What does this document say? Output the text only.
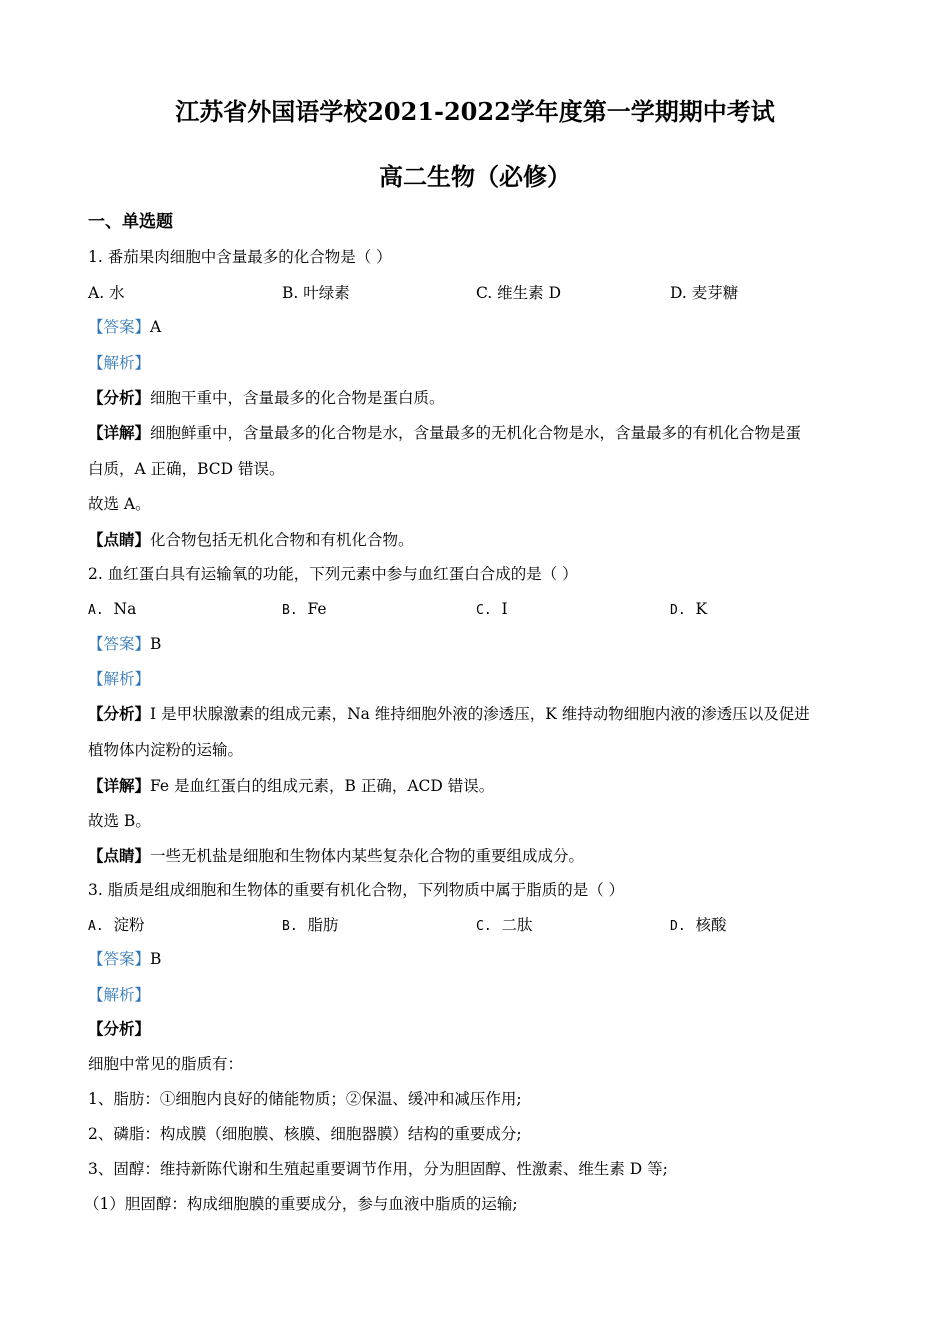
江苏省外国语学校2021-2022学年度第一学期期中考试
高二生物（必修）
一、单选题
1. 番茄果肉细胞中含量最多的化合物是（ ）
A. 水	B. 叶绿素	C. 维生素 D	D. 麦芽糖
【答案】A
【解析】
【分析】细胞干重中，含量最多的化合物是蛋白质。
【详解】细胞鲜重中，含量最多的化合物是水，含量最多的无机化合物是水，含量最多的有机化合物是蛋
白质，A 正确，BCD 错误。
故选 A。
【点睛】化合物包括无机化合物和有机化合物。
2. 血红蛋白具有运输氧的功能，下列元素中参与血红蛋白合成的是（ ）
A. Na	B. Fe	C. I	D. K
【答案】B
【解析】
【分析】I 是甲状腺激素的组成元素，Na 维持细胞外液的渗透压，K 维持动物细胞内液的渗透压以及促进
植物体内淀粉的运输。
【详解】Fe 是血红蛋白的组成元素，B 正确，ACD 错误。
故选 B。
【点睛】一些无机盐是细胞和生物体内某些复杂化合物的重要组成成分。
3. 脂质是组成细胞和生物体的重要有机化合物，下列物质中属于脂质的是（ ）
A. 淀粉	B. 脂肪	C. 二肽	D. 核酸
【答案】B
【解析】
【分析】
细胞中常见的脂质有：
1、脂肪：①细胞内良好的储能物质；②保温、缓冲和减压作用;
2、磷脂：构成膜（细胞膜、核膜、细胞器膜）结构的重要成分;
3、固醇：维持新陈代谢和生殖起重要调节作用，分为胆固醇、性激素、维生素 D 等;
（1）胆固醇：构成细胞膜的重要成分，参与血液中脂质的运输;
